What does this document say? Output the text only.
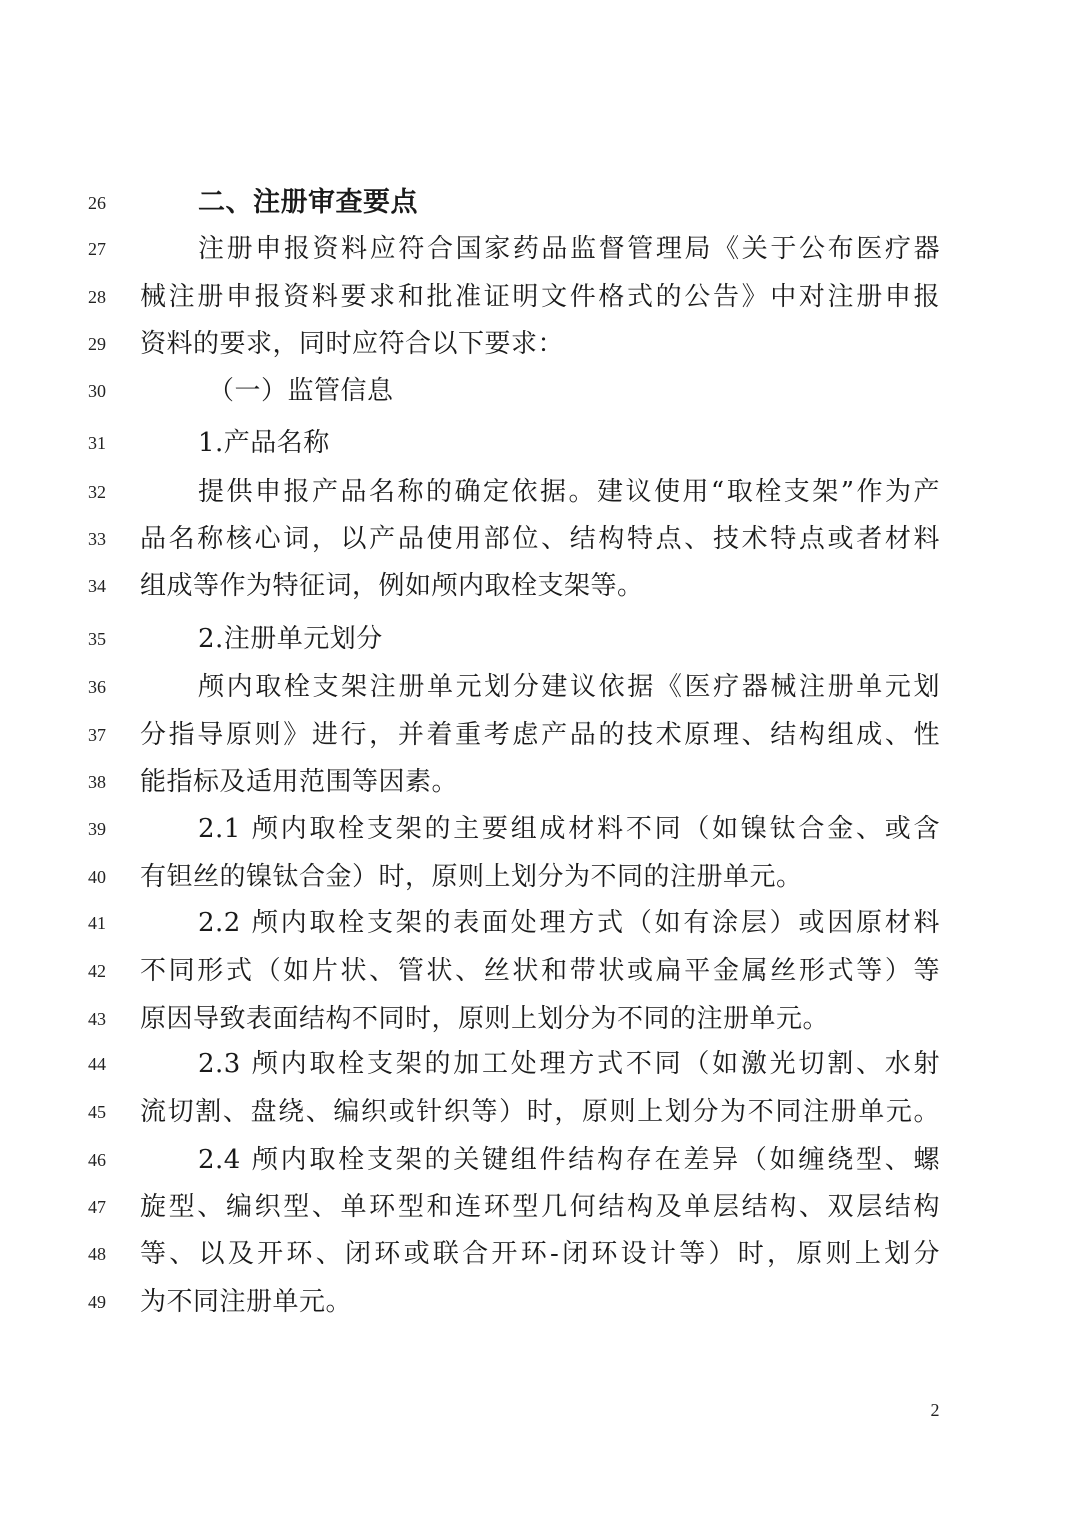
26	二、注册审查要点
27	注册申报资料应符合国家药品监督管理局《关于公布医疗器
28	械注册申报资料要求和批准证明文件格式的公告》中对注册申报
29	资料的要求，同时应符合以下要求：
30	（一）监管信息
31	1.产品名称
32	提供申报产品名称的确定依据。建议使用“取栓支架”作为产
33	品名称核心词，以产品使用部位、结构特点、技术特点或者材料
34	组成等作为特征词，例如颅内取栓支架等。
35	2.注册单元划分
36	颅内取栓支架注册单元划分建议依据《医疗器械注册单元划
37	分指导原则》进行，并着重考虑产品的技术原理、结构组成、性
38	能指标及适用范围等因素。
39	2.1 颅内取栓支架的主要组成材料不同（如镍钛合金、或含
40	有钽丝的镍钛合金）时，原则上划分为不同的注册单元。
41	2.2 颅内取栓支架的表面处理方式（如有涂层）或因原材料
42	不同形式（如片状、管状、丝状和带状或扁平金属丝形式等）等
43	原因导致表面结构不同时，原则上划分为不同的注册单元。
44	2.3 颅内取栓支架的加工处理方式不同（如激光切割、水射
45	流切割、盘绕、编织或针织等）时，原则上划分为不同注册单元。
46	2.4 颅内取栓支架的关键组件结构存在差异（如缠绕型、螺
47	旋型、编织型、单环型和连环型几何结构及单层结构、双层结构
48	等、以及开环、闭环或联合开环-闭环设计等）时，原则上划分
49	为不同注册单元。
2
